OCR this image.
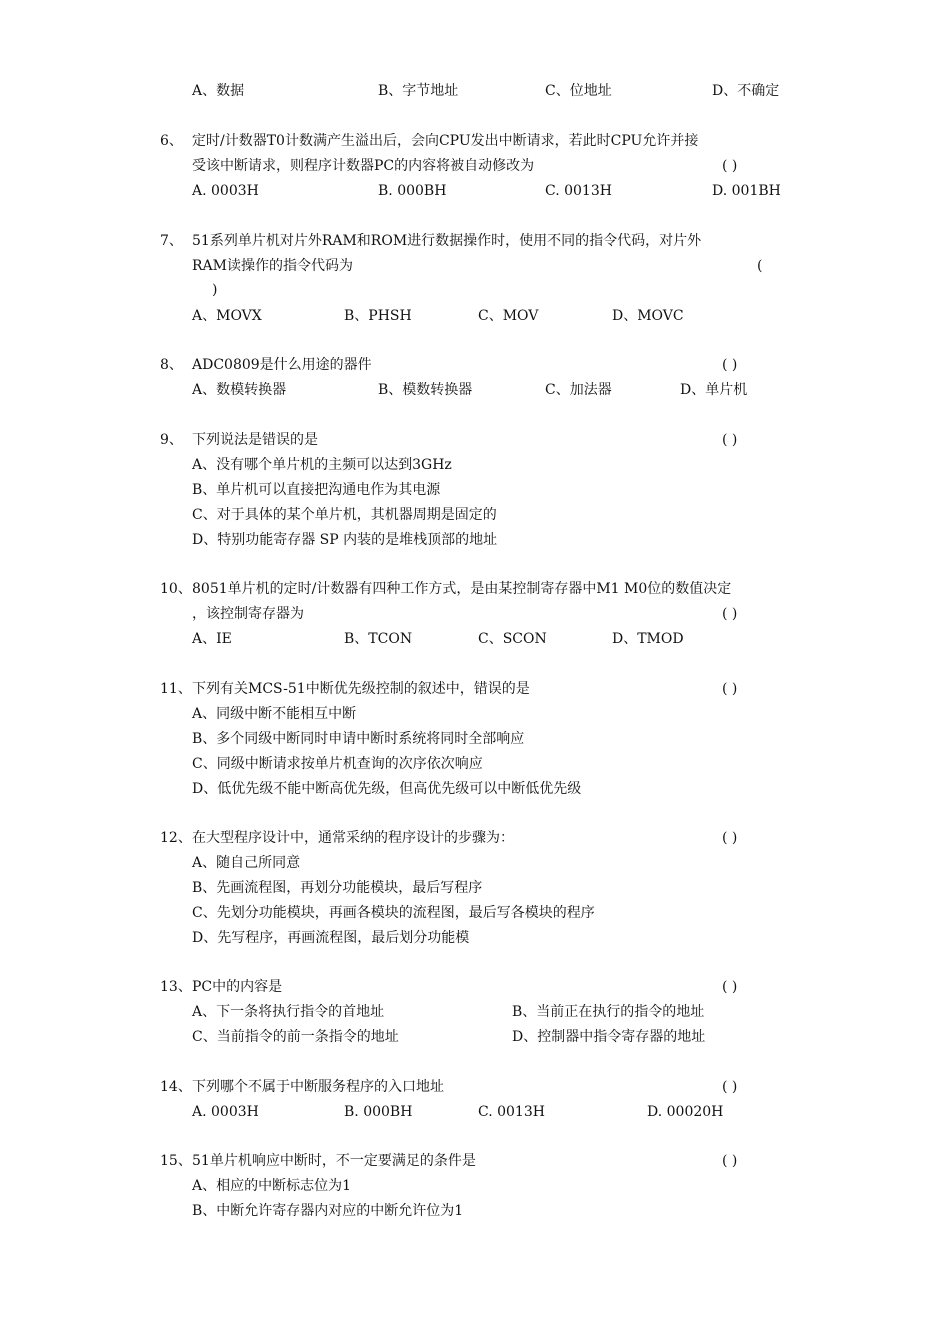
A、数据	B、字节地址	C、位地址	D、不确定
6、 定时/计数器T0计数满产生溢出后，会向CPU发出中断请求，若此时CPU允许并接
受该中断请求，则程序计数器PC的内容将被自动修改为	( )
A. 0003H	B. 000BH	C. 0013H	D. 001BH
7、 51系列单片机对片外RAM和ROM进行数据操作时，使用不同的指令代码，对片外
RAM读操作的指令代码为	(
)
A、MOVX	B、PHSH	C、MOV	D、MOVC
8、 ADC0809是什么用途的器件	( )
A、数模转换器	B、模数转换器	C、加法器	D、单片机
9、 下列说法是错误的是	( )
A、没有哪个单片机的主频可以达到3GHz
B、单片机可以直接把沟通电作为其电源
C、对于具体的某个单片机，其机器周期是固定的
D、特别功能寄存器 SP 内装的是堆栈顶部的地址
10、 8051单片机的定时/计数器有四种工作方式，是由某控制寄存器中M1 M0位的数值决定
，该控制寄存器为	( )
A、IE	B、TCON	C、SCON	D、TMOD
11、 下列有关MCS-51中断优先级控制的叙述中，错误的是	( )
A、同级中断不能相互中断
B、多个同级中断同时申请中断时系统将同时全部响应
C、同级中断请求按单片机查询的次序依次响应
D、低优先级不能中断高优先级，但高优先级可以中断低优先级
12、 在大型程序设计中，通常采纳的程序设计的步骤为：	( )
A、随自己所同意
B、先画流程图，再划分功能模块，最后写程序
C、先划分功能模块，再画各模块的流程图，最后写各模块的程序
D、先写程序，再画流程图，最后划分功能模
13、 PC中的内容是	( )
A、下一条将执行指令的首地址	B、当前正在执行的指令的地址
C、当前指令的前一条指令的地址	D、控制器中指令寄存器的地址
14、 下列哪个不属于中断服务程序的入口地址	( )
A. 0003H	B. 000BH	C. 0013H	D. 00020H
15、 51单片机响应中断时，不一定要满足的条件是	( )
A、相应的中断标志位为1
B、中断允许寄存器内对应的中断允许位为1
